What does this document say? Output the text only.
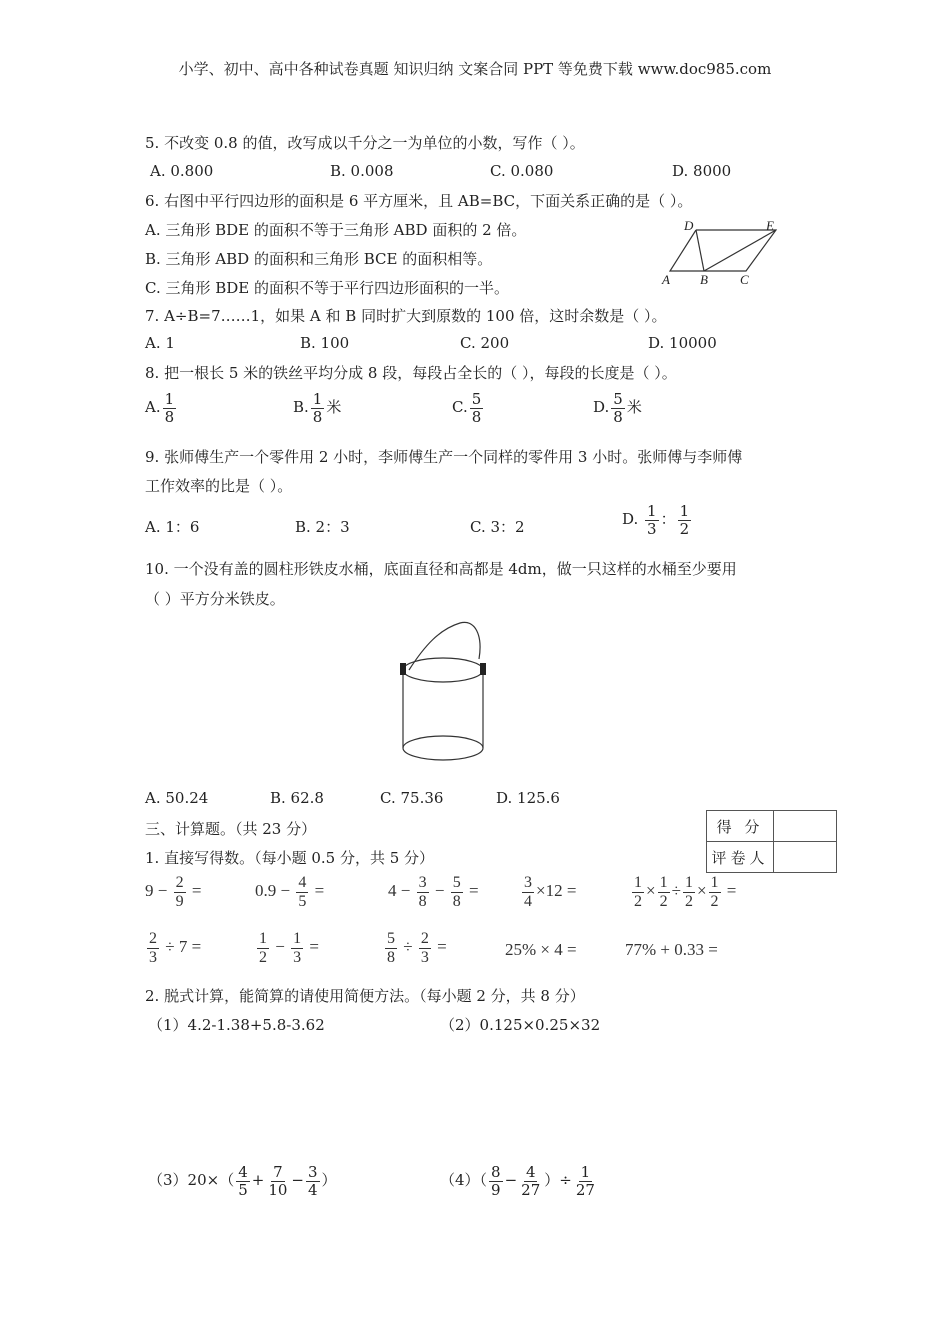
小学、初中、高中各种试卷真题 知识归纳 文案合同 PPT 等免费下载 www.doc985.com
5. 不改变 0.8 的值，改写成以千分之一为单位的小数，写作（ ）。
A. 0.800	B. 0.008	C. 0.080	D. 8000
6. 右图中平行四边形的面积是 6 平方厘米，且 AB=BC，下面关系正确的是（ ）。
A. 三角形 BDE 的面积不等于三角形 ABD 面积的 2 倍。
B. 三角形 ABD 的面积和三角形 BCE 的面积相等。
C. 三角形 BDE 的面积不等于平行四边形面积的一半。
D	E
A B C
7. A÷B=7……1，如果 A 和 B 同时扩大到原数的 100 倍，这时余数是（ ）。
A. 1	B. 100	C. 200	D. 10000
8. 把一根长 5 米的铁丝平均分成 8 段，每段占全长的（ ），每段的长度是（ ）。
A. $\frac{1}{8}$	B. $\frac{1}{8}$ 米	C. $\frac{5}{8}$	D. $\frac{5}{8}$ 米
9. 张师傅生产一个零件用 2 小时，李师傅生产一个同样的零件用 3 小时。张师傅与李师傅
工作效率的比是（ ）。
A. 1：6	B. 2：3	C. 3：2	D. $\frac{1}{3}$ ： $\frac{1}{2}$
10. 一个没有盖的圆柱形铁皮水桶，底面直径和高都是 4dm，做一只这样的水桶至少要用
（ ）平方分米铁皮。
A. 50.24	B. 62.8	C. 75.36	D. 125.6
三、计算题。（共 23 分）	得 分	
评卷人	
1. 直接写得数。（每小题 0.5 分，共 5 分）
$9 - \frac{2}{9}$ =	$0.9 - \frac{4}{5}$ =	$4 - \frac{3}{8} - \frac{5}{8}$ =	$\frac{3}{4} \times 12$ =	$\frac{1}{2} \times \frac{1}{2} \div \frac{1}{2} \times \frac{1}{2}$ =
$\frac{2}{3} \div 7$ =	$\frac{1}{2} - \frac{1}{3}$ =	$\frac{5}{8} \div \frac{2}{3}$ =	25% × 4 =	77% + 0.33 =
2. 脱式计算，能简算的请使用简便方法。（每小题 2 分，共 8 分）
（1）4.2-1.38+5.8-3.62	（2）0.125×0.25×32
$(3)20\times( \frac{4}{5} + \frac{7}{10} - \frac{3}{4}$ ）	$(4)( \frac{8}{9} - \frac{4}{27}$ ）÷ $\frac{1}{27}$
